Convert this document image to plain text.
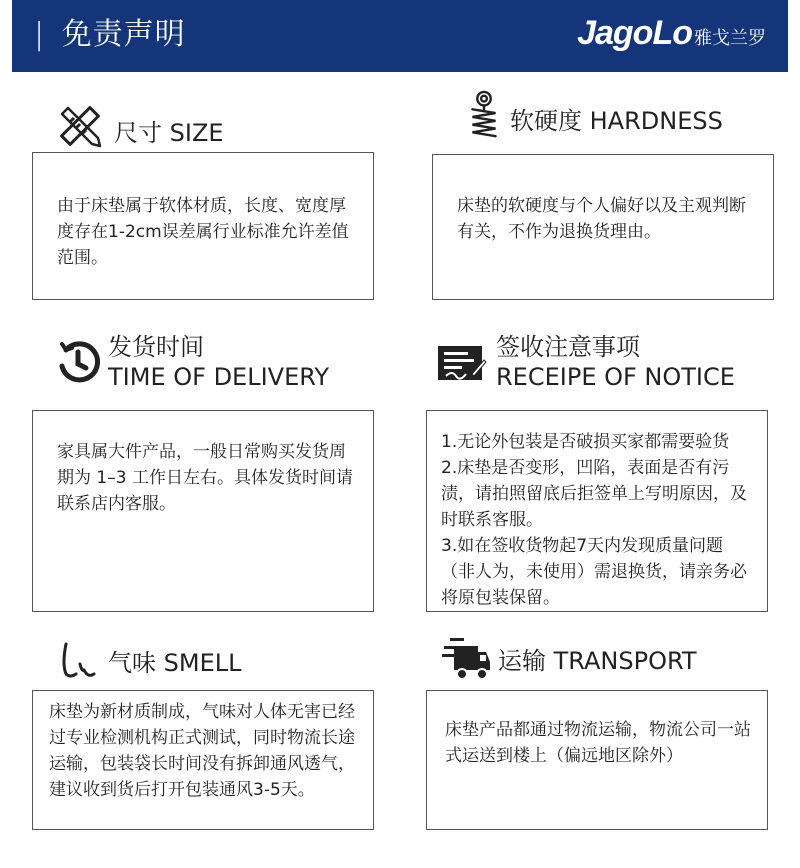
| 免责声明	JagoLo 雅戈兰罗
尺寸 SIZE
由于床垫属于软体材质，长度、宽度厚度存在1-2cm误差属行业标准允许差值范围。
软硬度 HARDNESS
床垫的软硬度与个人偏好以及主观判断有关，不作为退换货理由。
发货时间
TIME OF DELIVERY
家具属大件产品，一般日常购买发货周期为 1–3 工作日左右。具体发货时间请联系店内客服。
签收注意事项
RECEIPE OF NOTICE

1.无论外包装是否破损买家都需要验货

2.床垫是否变形，凹陷，表面是否有污渍，请拍照留底后拒签单上写明原因，及时联系客服。

3.如在签收货物起7天内发现质量问题（非人为，未使用）需退换货，请亲务必将原包装保留。

气味 SMELL
床垫为新材质制成，气味对人体无害已经过专业检测机构正式测试，同时物流长途运输，包装袋长时间没有拆卸通风透气，建议收到货后打开包装通风3-5天。
运输 TRANSPORT
床垫产品都通过物流运输，物流公司一站式运送到楼上（偏远地区除外）
